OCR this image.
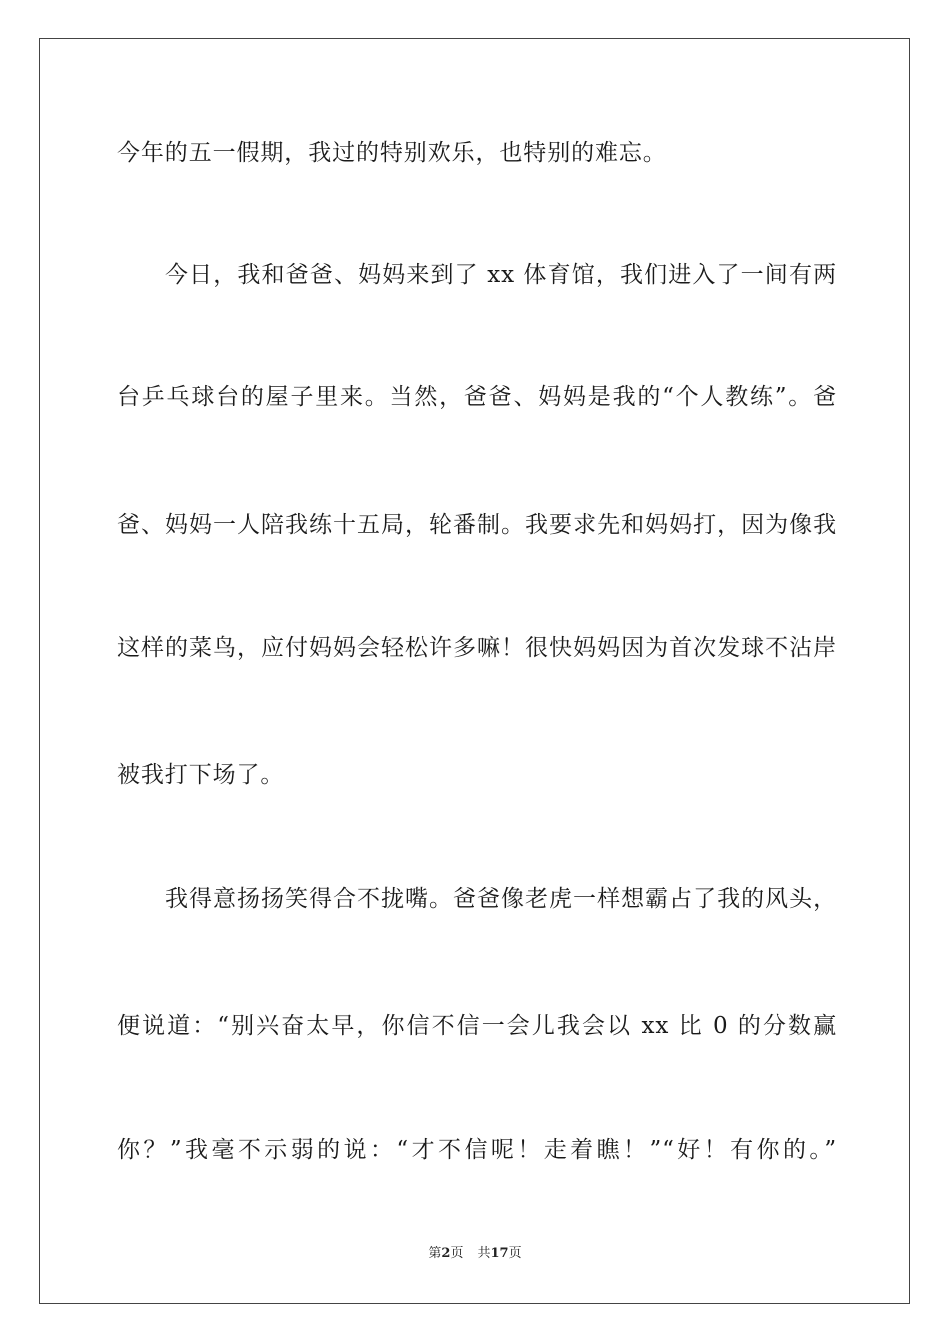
今年的五一假期，我过的特别欢乐，也特别的难忘。
今日，我和爸爸、妈妈来到了 xx 体育馆，我们进入了一间有两
台乒乓球台的屋子里来。当然，爸爸、妈妈是我的“个人教练”。爸
爸、妈妈一人陪我练十五局，轮番制。我要求先和妈妈打，因为像我
这样的菜鸟，应付妈妈会轻松许多嘛！很快妈妈因为首次发球不沾岸
被我打下场了。
我得意扬扬笑得合不拢嘴。爸爸像老虎一样想霸占了我的风头，
便说道：“别兴奋太早，你信不信一会儿我会以 xx 比 0 的分数赢
你？”我毫不示弱的说：“才不信呢！走着瞧！”“好！有你的。”
第2页 共17页
